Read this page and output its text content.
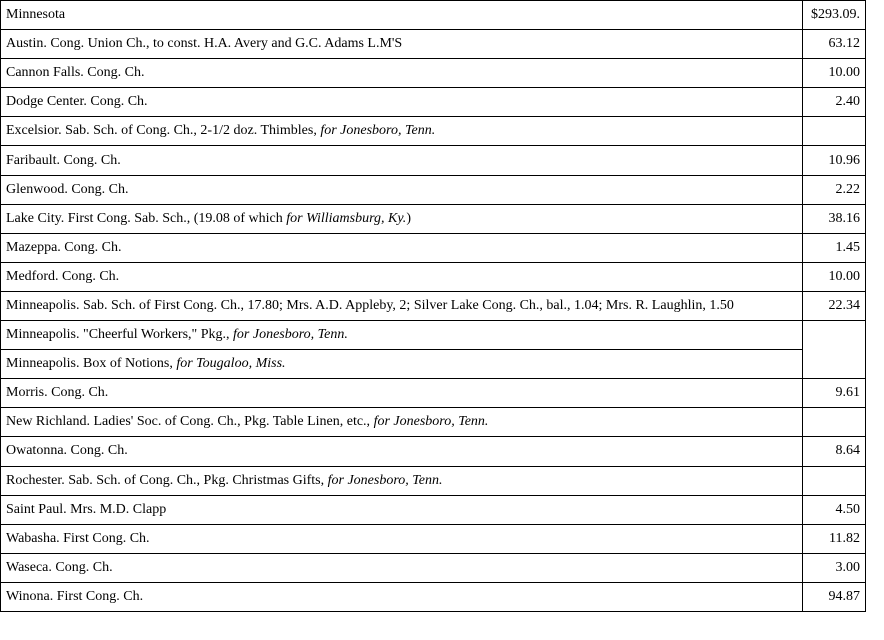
Minnesota	$293.09.
Austin. Cong. Union Ch., to const. H.A. Avery and G.C. Adams L.M'S	63.12
Cannon Falls. Cong. Ch.	10.00
Dodge Center. Cong. Ch.	2.40
Excelsior. Sab. Sch. of Cong. Ch., 2-1/2 doz. Thimbles, for Jonesboro, Tenn.	
Faribault. Cong. Ch.	10.96
Glenwood. Cong. Ch.	2.22
Lake City. First Cong. Sab. Sch., (19.08 of which for Williamsburg, Ky.)	38.16
Mazeppa. Cong. Ch.	1.45
Medford. Cong. Ch.	10.00
Minneapolis. Sab. Sch. of First Cong. Ch., 17.80; Mrs. A.D. Appleby, 2; Silver Lake Cong. Ch., bal., 1.04; Mrs. R. Laughlin, 1.50	22.34
Minneapolis. "Cheerful Workers," Pkg., for Jonesboro, Tenn.	
Minneapolis. Box of Notions, for Tougaloo, Miss.	
Morris. Cong. Ch.	9.61
New Richland. Ladies' Soc. of Cong. Ch., Pkg. Table Linen, etc., for Jonesboro, Tenn.	
Owatonna. Cong. Ch.	8.64
Rochester. Sab. Sch. of Cong. Ch., Pkg. Christmas Gifts, for Jonesboro, Tenn.	
Saint Paul. Mrs. M.D. Clapp	4.50
Wabasha. First Cong. Ch.	11.82
Waseca. Cong. Ch.	3.00
Winona. First Cong. Ch.	94.87
